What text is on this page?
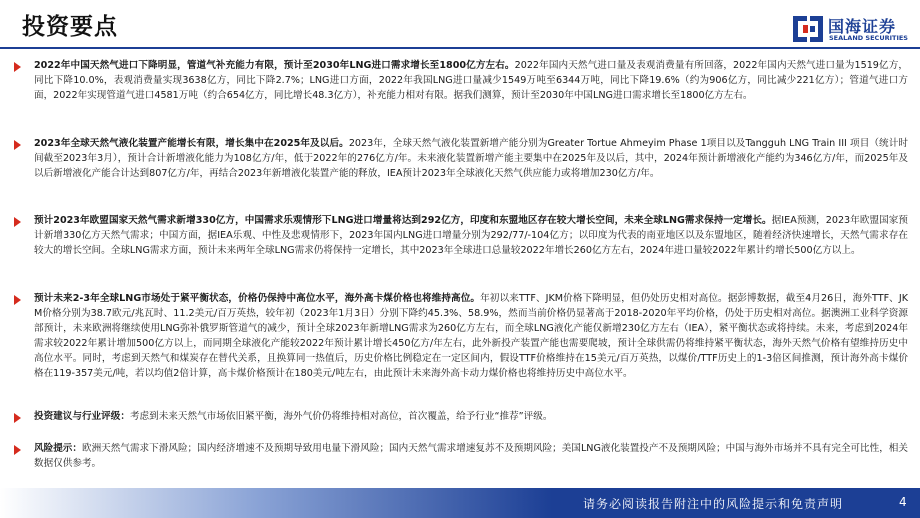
投资要点	国海证券
SEALAND SECURITIES
2022年中国天然气进口下降明显，管道气补充能力有限，预计至2030年LNG进口需求增长至1800亿方左右。2022年国内天然气进口量及表观消费量有所回落，2022年国内天然气进口量为1519亿方，同比下降10.0%，表观消费量实现3638亿方，同比下降2.7%；LNG进口方面，2022年我国LNG进口量减少1549万吨至6344万吨，同比下降19.6%（约为906亿方，同比减少221亿方）；管道气进口方面，2022年实现管道气进口4581万吨（约合654亿方，同比增长48.3亿方），补充能力相对有限。据我们测算，预计至2030年中国LNG进口需求增长至1800亿方左右。
2023年全球天然气液化装置产能增长有限，增长集中在2025年及以后。2023年，全球天然气液化装置新增产能分别为Greater Tortue Ahmeyim Phase 1项目以及Tangguh LNG Train III 项目（统计时间截至2023年3月），预计合计新增液化能力为108亿方/年，低于2022年的276亿方/年。未来液化装置新增产能主要集中在2025年及以后，其中，2024年预计新增液化产能约为346亿方/年，而2025年及以后新增液化产能合计达到807亿方/年，再结合2023年新增液化装置产能的释放，IEA预计2023年全球液化天然气供应能力或将增加230亿方/年。
预计2023年欧盟国家天然气需求新增330亿方，中国需求乐观情形下LNG进口增量将达到292亿方，印度和东盟地区存在较大增长空间，未来全球LNG需求保持一定增长。据IEA预测，2023年欧盟国家预计新增330亿方天然气需求；中国方面，据IEA乐观、中性及悲观情形下，2023年国内LNG进口增量分别为292/77/-104亿方；以印度为代表的南亚地区以及东盟地区，随着经济快速增长，天然气需求存在较大的增长空间。全球LNG需求方面，预计未来两年全球LNG需求仍将保持一定增长，其中2023年全球进口总量较2022年增长260亿方左右，2024年进口量较2022年累计约增长500亿方以上。
预计未来2-3年全球LNG市场处于紧平衡状态，价格仍保持中高位水平，海外高卡煤价格也将维持高位。年初以来TTF、JKM价格下降明显，但仍处历史相对高位。据彭博数据，截至4月26日，海外TTF、JKM价格分别为38.7欧元/兆瓦时、11.2美元/百万英热，较年初（2023年1月3日）分别下降约45.3%、58.9%，然而当前价格仍显著高于2018-2020年平均价格，仍处于历史相对高位。据澳洲工业科学资源部预计，未来欧洲将继续使用LNG弥补俄罗斯管道气的减少，预计全球2023年新增LNG需求为260亿方左右，而全球LNG液化产能仅新增230亿方左右（IEA），紧平衡状态或将持续。未来，考虑到2024年需求较2022年累计增加500亿方以上，而同期全球液化产能较2022年预计累计增长450亿方/年左右，此外新投产装置产能也需要爬坡，预计全球供需仍将维持紧平衡状态，海外天然气价格有望维持历史中高位水平。同时，考虑到天然气和煤炭存在替代关系，且换算同一热值后，历史价格比例稳定在一定区间内，假设TTF价格维持在15美元/百万英热，以煤价/TTF历史上的1-3倍区间推测，预计海外高卡煤价格在119-357美元/吨，若以均值2倍计算，高卡煤价格预计在180美元/吨左右，由此预计未来海外高卡动力煤价格也将维持历史中高位水平。
投资建议与行业评级：考虑到未来天然气市场依旧紧平衡，海外气价仍将维持相对高位，首次覆盖，给予行业“推荐”评级。
风险提示：欧洲天然气需求下滑风险；国内经济增速不及预期导致用电量下滑风险；国内天然气需求增速复苏不及预期风险；美国LNG液化装置投产不及预期风险；中国与海外市场并不具有完全可比性，相关数据仅供参考。
请务必阅读报告附注中的风险提示和免责声明	4
